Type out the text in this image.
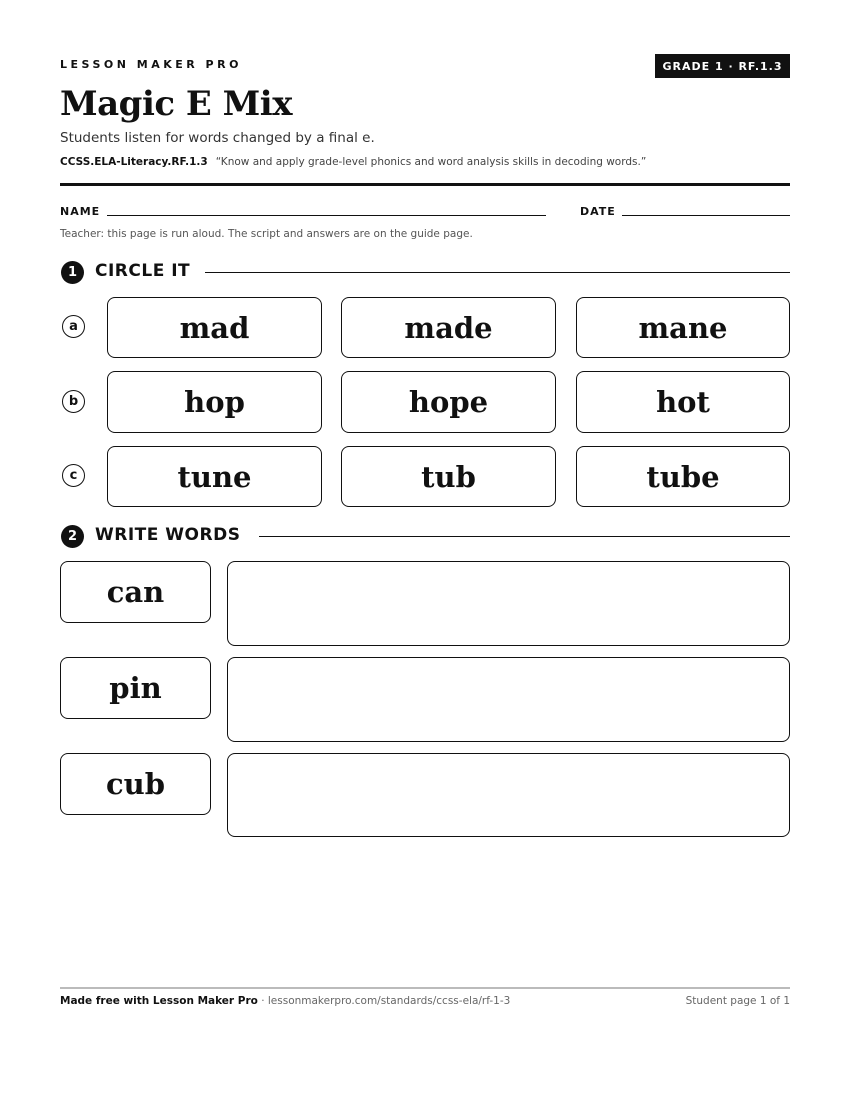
LESSON MAKER PRO	GRADE 1 · RF.1.3
Magic E Mix
Students listen for words changed by a final e.
CCSS.ELA-Literacy.RF.1.3 “Know and apply grade-level phonics and word analysis skills in decoding words.”
NAME	DATE
Teacher: this page is run aloud. The script and answers are on the guide page.
1	CIRCLE IT
a	mad	made	mane
b	hop	hope	hot
c	tune	tub	tube
2	WRITE WORDS
can
pin
cub
Made free with Lesson Maker Pro · lessonmakerpro.com/standards/ccss-ela/rf-1-3	Student page 1 of 1
